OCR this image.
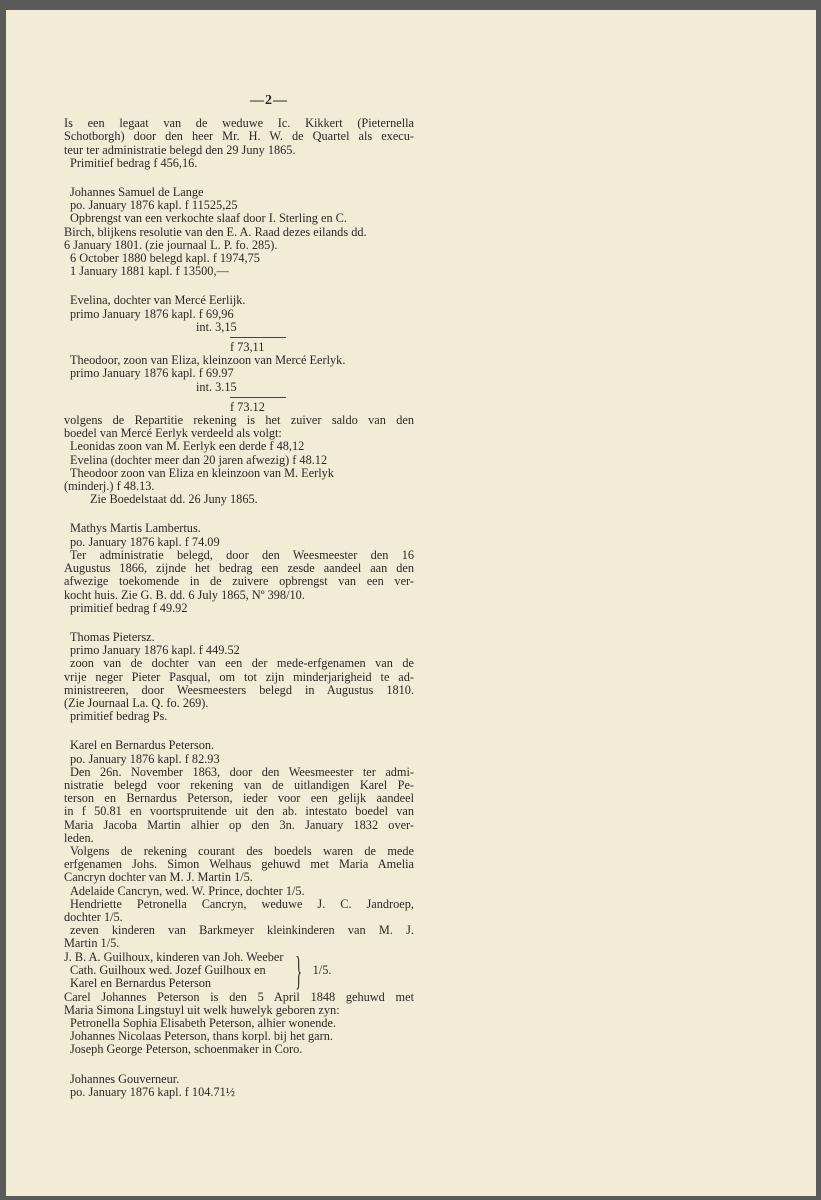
—2—
Is een legaat van de weduwe Ic. Kikkert (Pieternella
Schotborgh) door den heer Mr. H. W. de Quartel als execu-
teur ter administratie belegd den 29 Juny 1865.
Primitief bedrag f 456,16.
Johannes Samuel de Lange
po. January 1876 kapl. f 11525,25
Opbrengst van een verkochte slaaf door I. Sterling en C.
Birch, blijkens resolutie van den E. A. Raad dezes eilands dd.
6 January 1801. (zie journaal L. P. fo. 285).
6 October 1880 belegd kapl. f 1974,75
1 January 1881 kapl. f 13500,—
Evelina, dochter van Mercé Eerlijk.
primo January 1876 kapl. f 69,96
int. 3,15
f 73,11
Theodoor, zoon van Eliza, kleinzoon van Mercé Eerlyk.
primo January 1876 kapl. f 69.97
int. 3.15
f 73.12
volgens de Repartitie rekening is het zuiver saldo van den
boedel van Mercé Eerlyk verdeeld als volgt:
Leonidas zoon van M. Eerlyk een derde f 48,12
Evelina (dochter meer dan 20 jaren afwezig) f 48.12
Theodoor zoon van Eliza en kleinzoon van M. Eerlyk
(minderj.) f 48.13.
Zie Boedelstaat dd. 26 Juny 1865.
Mathys Martis Lambertus.
po. January 1876 kapl. f 74.09
Ter administratie belegd, door den Weesmeester den 16
Augustus 1866, zijnde het bedrag een zesde aandeel aan den
afwezige toekomende in de zuivere opbrengst van een ver-
kocht huis. Zie G. B. dd. 6 July 1865, Nº 398/10.
primitief bedrag f 49.92
Thomas Pietersz.
primo January 1876 kapl. f 449.52
zoon van de dochter van een der mede-erfgenamen van de
vrije neger Pieter Pasqual, om tot zijn minderjarigheid te ad-
ministreeren, door Weesmeesters belegd in Augustus 1810.
(Zie Journaal La. Q. fo. 269).
primitief bedrag Ps.
Karel en Bernardus Peterson.
po. January 1876 kapl. f 82.93
Den 26n. November 1863, door den Weesmeester ter admi-
nistratie belegd voor rekening van de uitlandigen Karel Pe-
terson en Bernardus Peterson, ieder voor een gelijk aandeel
in f 50.81 en voortspruitende uit den ab. intestato boedel van
Maria Jacoba Martin alhier op den 3n. January 1832 over-
leden.
Volgens de rekening courant des boedels waren de mede
erfgenamen Johs. Simon Welhaus gehuwd met Maria Amelia
Cancryn dochter van M. J. Martin 1/5.
Adelaide Cancryn, wed. W. Prince, dochter 1/5.
Hendriette Petronella Cancryn, weduwe J. C. Jandroep,
dochter 1/5.
zeven kinderen van Barkmeyer kleinkinderen van M. J.
Martin 1/5.
J. B. A. Guilhoux, kinderen van Joh. Weeber
Cath. Guilhoux wed. Jozef Guilhoux en
Karel en Bernardus Peterson	} 1/5.
Carel Johannes Peterson is den 5 April 1848 gehuwd met
Maria Simona Lingstuyl uit welk huwelyk geboren zyn:
Petronella Sophia Elisabeth Peterson, alhier wonende.
Johannes Nicolaas Peterson, thans korpl. bij het garn.
Joseph George Peterson, schoenmaker in Coro.
Johannes Gouverneur.
po. January 1876 kapl. f 104.71½
